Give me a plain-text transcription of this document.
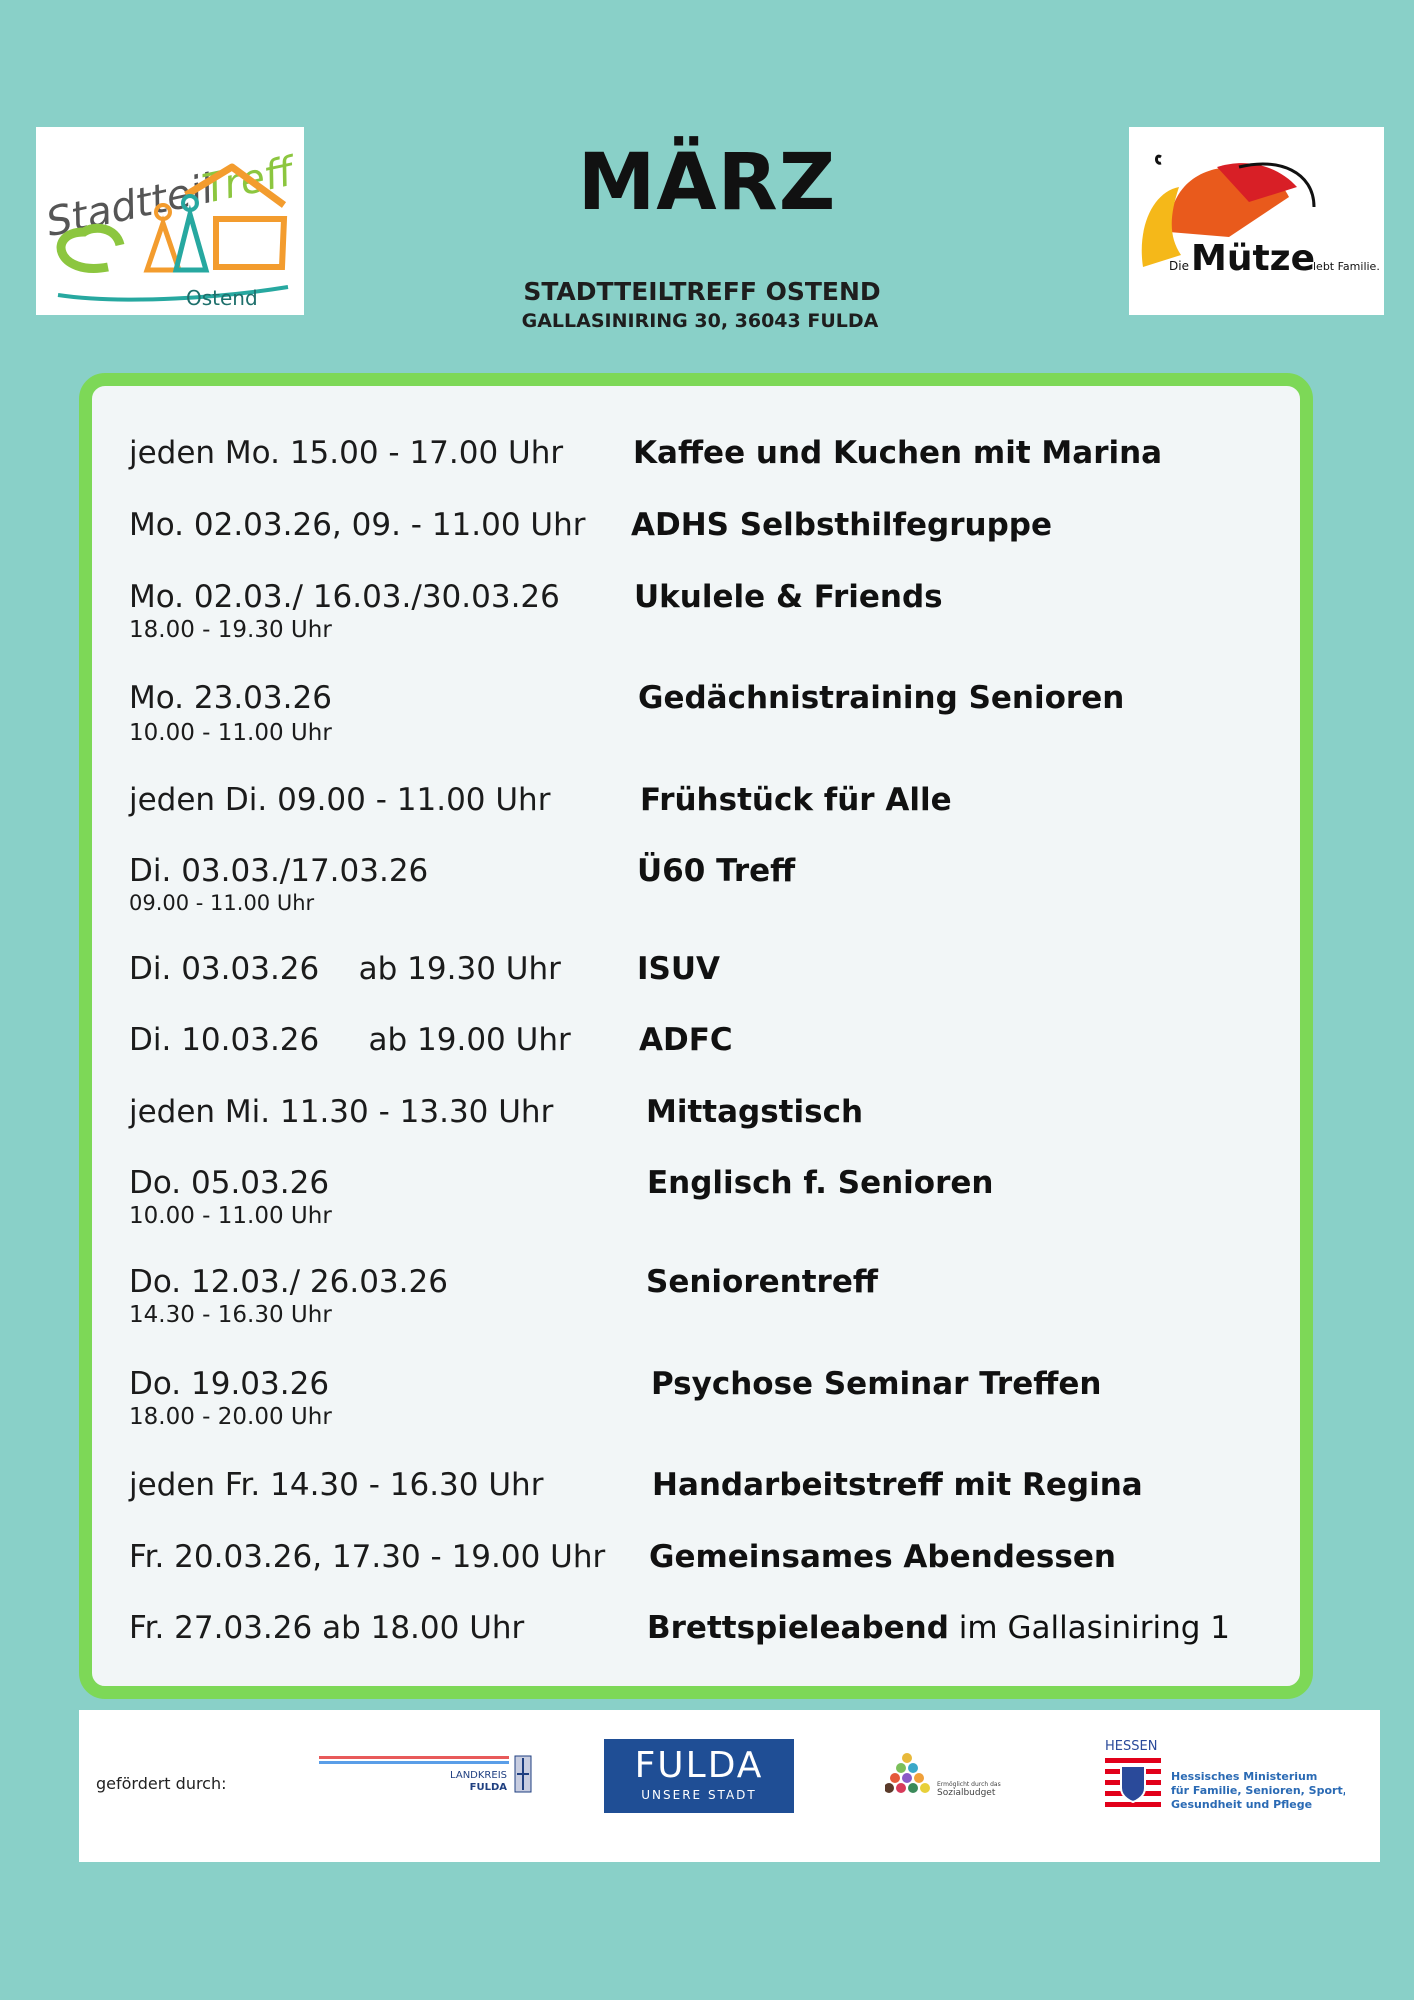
Stadtteil
Treff
Ostend
Die Mütze
lebt Familie.
MÄRZ
STADTTEILTREFF OSTEND
GALLASINIRING 30, 36043 FULDA
jeden Mo. 15.00 - 17.00 Uhr Kaffee und Kuchen mit Marina
Mo. 02.03.26, 09. - 11.00 Uhr ADHS Selbsthilfegruppe
Mo. 02.03./ 16.03./30.03.26
18.00 - 19.30 Uhr
Ukulele & Friends
Mo. 23.03.26
10.00 - 11.00 Uhr
Gedächnistraining Senioren
jeden Di. 09.00 - 11.00 Uhr	Frühstück für Alle
Di. 03.03./17.03.26
09.00 - 11.00 Uhr
Ü60 Treff
Di. 03.03.26    ab 19.30 Uhr ISUV
Di. 10.03.26     ab 19.00 Uhr ADFC
jeden Mi. 11.30 - 13.30 Uhr	Mittagstisch
Do. 05.03.26
10.00 - 11.00 Uhr
Englisch f. Senioren
Do. 12.03./ 26.03.26
14.30 - 16.30 Uhr
Seniorentreff
Do. 19.03.26
18.00 - 20.00 Uhr
Psychose Seminar Treffen
jeden Fr. 14.30 - 16.30 Uhr	Handarbeitstreff mit Regina
Fr. 20.03.26, 17.30 - 19.00 Uhr Gemeinsames Abendessen
Fr. 27.03.26 ab 18.00 Uhr	Brettspieleabend im Gallasiniring 1
gefördert durch:	LANDKREIS
FULDA
FULDA
UNSERE STADT
Ermöglicht durch das
Sozialbudget
HESSEN
Hessisches Ministerium
für Familie, Senioren, Sport,
Gesundheit und Pflege
